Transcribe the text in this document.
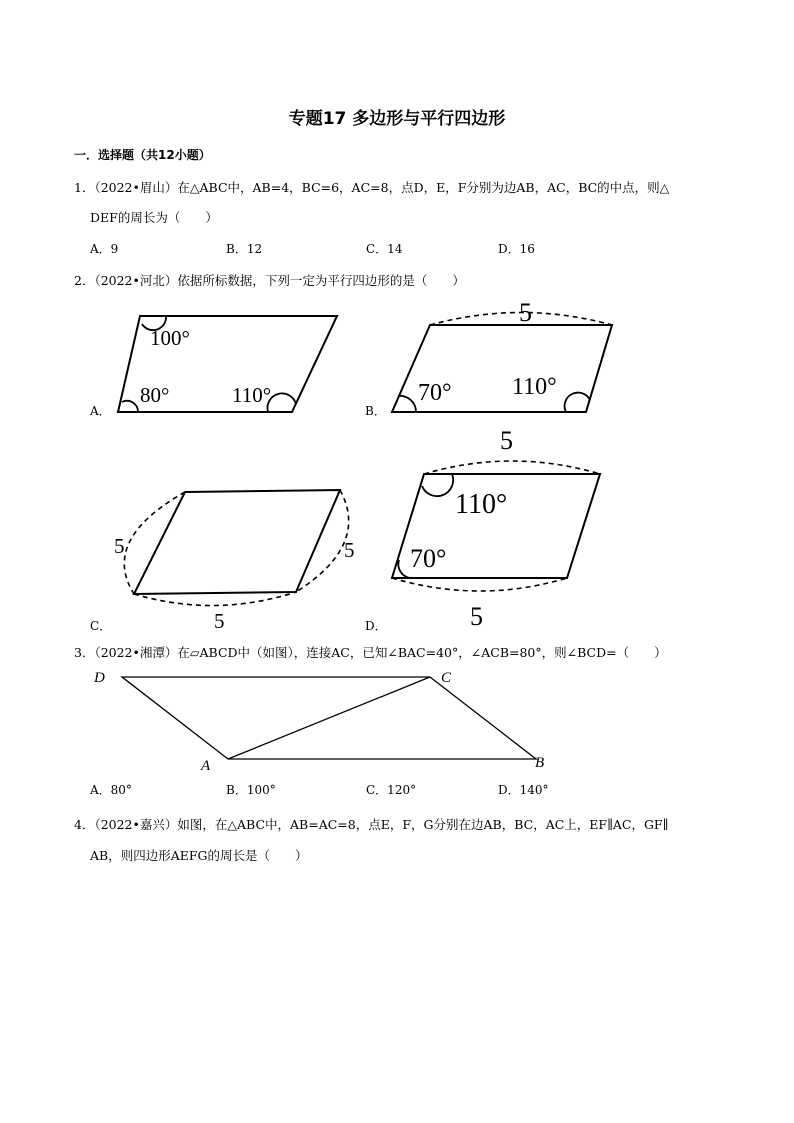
专题17 多边形与平行四边形
一．选择题（共12小题）
1．（2022•眉山）在△ABC中，AB=4，BC=6，AC=8，点D，E，F分别为边AB，AC，BC的中点，则△
DEF的周长为（　　）
A．9	B．12	C．14	D．16
2．（2022•河北）依据所标数据，下列一定为平行四边形的是（　　）
A．	B．
C．	D．
100°
80°	110°
5
70°	110°
5	5
5
5
110°
70°
5
3．（2022•湘潭）在▱ABCD中（如图），连接AC，已知∠BAC=40°，∠ACB=80°，则∠BCD=（　　）
D	C
A	B
A．80°	B．100°	C．120°	D．140°
4．（2022•嘉兴）如图，在△ABC中，AB=AC=8，点E，F，G分别在边AB，BC，AC上，EF∥AC，GF∥
AB，则四边形AEFG的周长是（　　）
